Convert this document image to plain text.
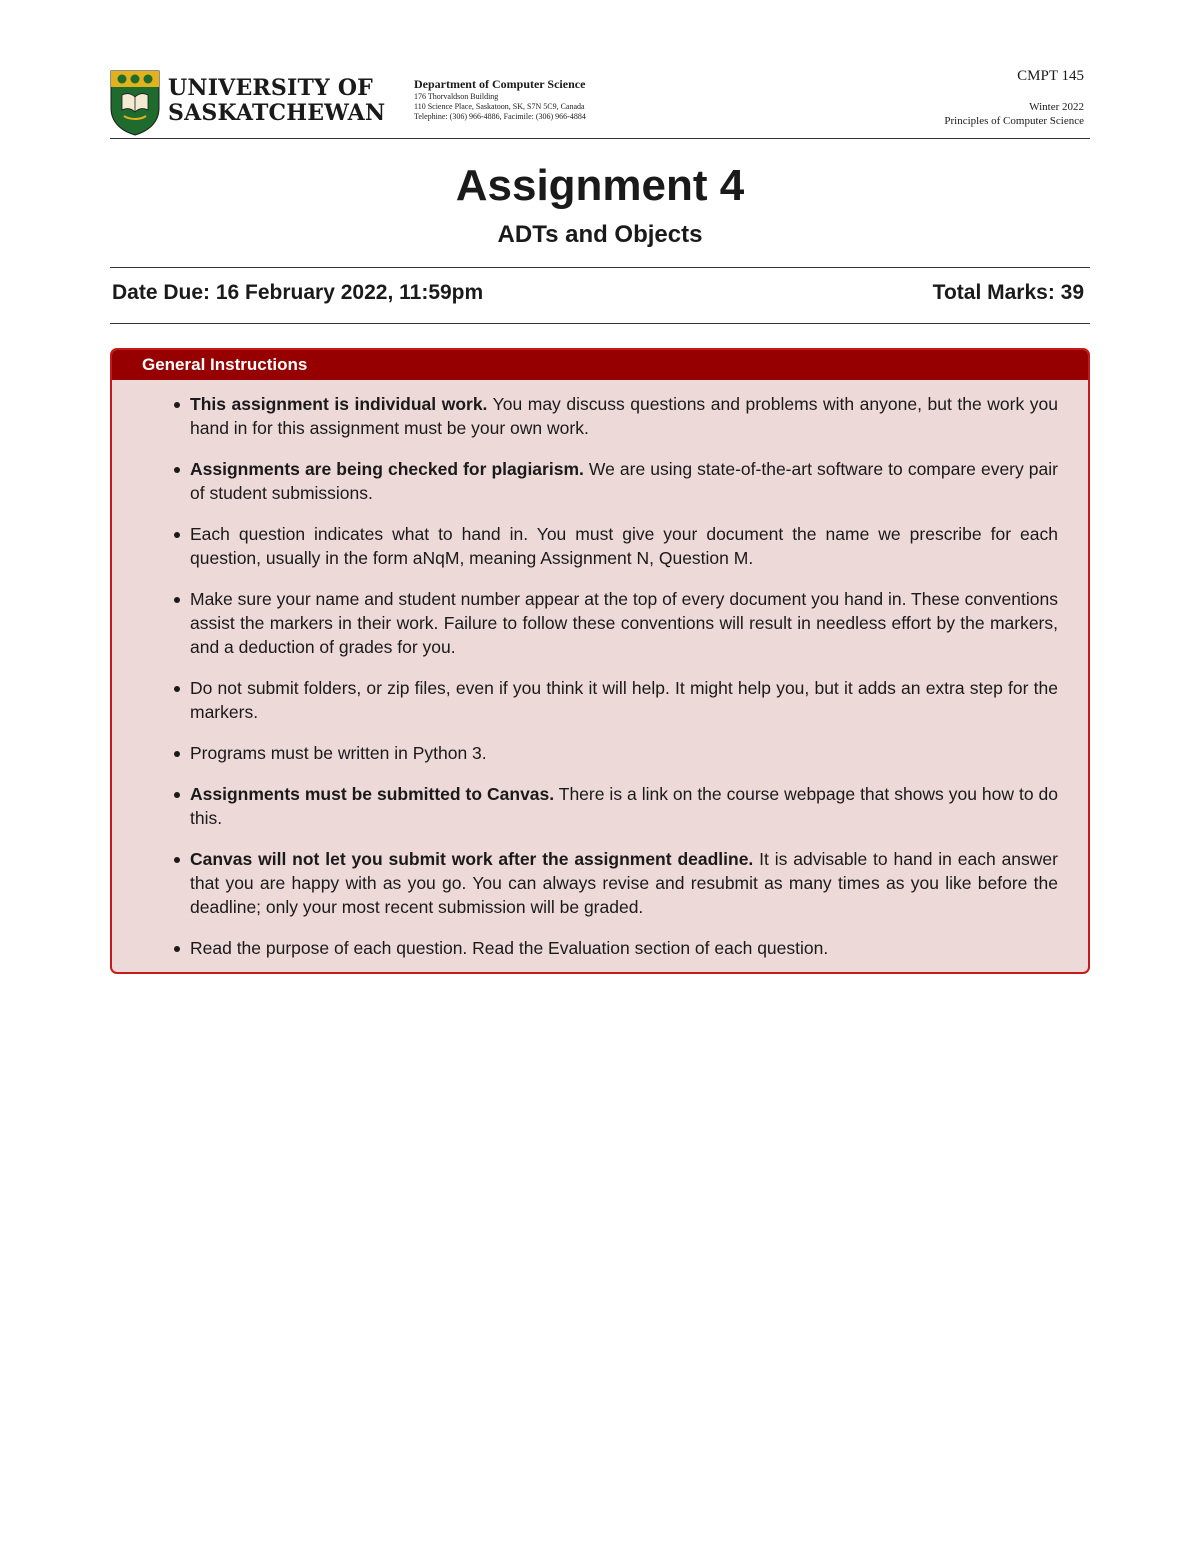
UNIVERSITY OF
SASKATCHEWAN
Department of Computer Science
176 Thorvaldson Building
110 Science Place, Saskatoon, SK, S7N 5C9, Canada
Telephine: (306) 966-4886, Facimile: (306) 966-4884
CMPT 145
Winter 2022
Principles of Computer Science
Assignment 4
ADTs and Objects
Date Due: 16 February 2022, 11:59pm	Total Marks: 39
General Instructions
This assignment is individual work. You may discuss questions and problems with anyone, but the work you hand in for this assignment must be your own work.
Assignments are being checked for plagiarism. We are using state-of-the-art software to compare every pair of student submissions.
Each question indicates what to hand in. You must give your document the name we prescribe for each question, usually in the form aNqM, meaning Assignment N, Question M.
Make sure your name and student number appear at the top of every document you hand in. These conventions assist the markers in their work. Failure to follow these conventions will result in needless effort by the markers, and a deduction of grades for you.
Do not submit folders, or zip files, even if you think it will help. It might help you, but it adds an extra step for the markers.
Programs must be written in Python 3.
Assignments must be submitted to Canvas. There is a link on the course webpage that shows you how to do this.
Canvas will not let you submit work after the assignment deadline. It is advisable to hand in each answer that you are happy with as you go. You can always revise and resubmit as many times as you like before the deadline; only your most recent submission will be graded.
Read the purpose of each question. Read the Evaluation section of each question.
